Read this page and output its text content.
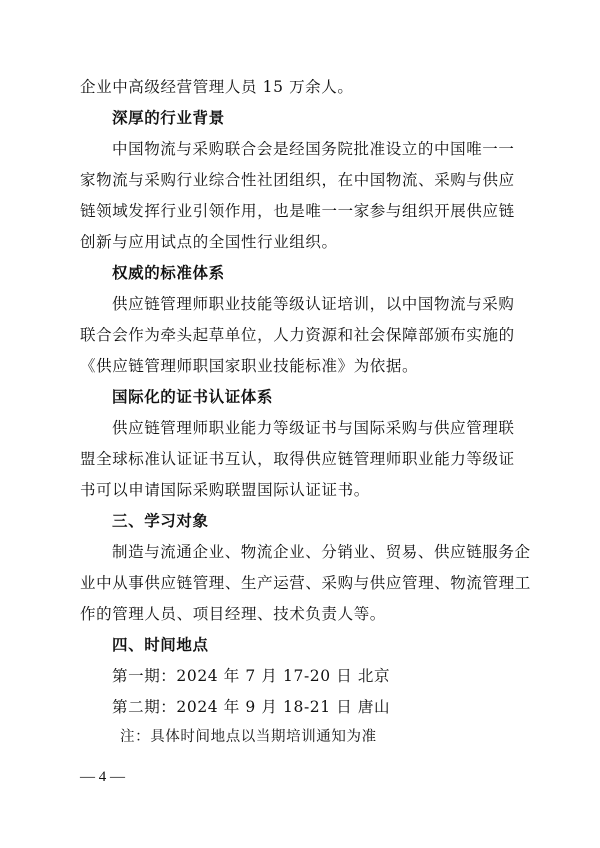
企业中高级经营管理人员 15 万余人。
深厚的行业背景
中国物流与采购联合会是经国务院批准设立的中国唯一一
家物流与采购行业综合性社团组织，在中国物流、采购与供应
链领域发挥行业引领作用，也是唯一一家参与组织开展供应链
创新与应用试点的全国性行业组织。
权威的标准体系
供应链管理师职业技能等级认证培训，以中国物流与采购
联合会作为牵头起草单位，人力资源和社会保障部颁布实施的
《供应链管理师职国家职业技能标准》为依据。
国际化的证书认证体系
供应链管理师职业能力等级证书与国际采购与供应管理联
盟全球标准认证证书互认，取得供应链管理师职业能力等级证
书可以申请国际采购联盟国际认证证书。
三、学习对象
制造与流通企业、物流企业、分销业、贸易、供应链服务企
业中从事供应链管理、生产运营、采购与供应管理、物流管理工
作的管理人员、项目经理、技术负责人等。
四、时间地点
第一期：2024 年 7 月 17-20 日 北京
第二期：2024 年 9 月 18-21 日 唐山
注：具体时间地点以当期培训通知为准
— 4 —
